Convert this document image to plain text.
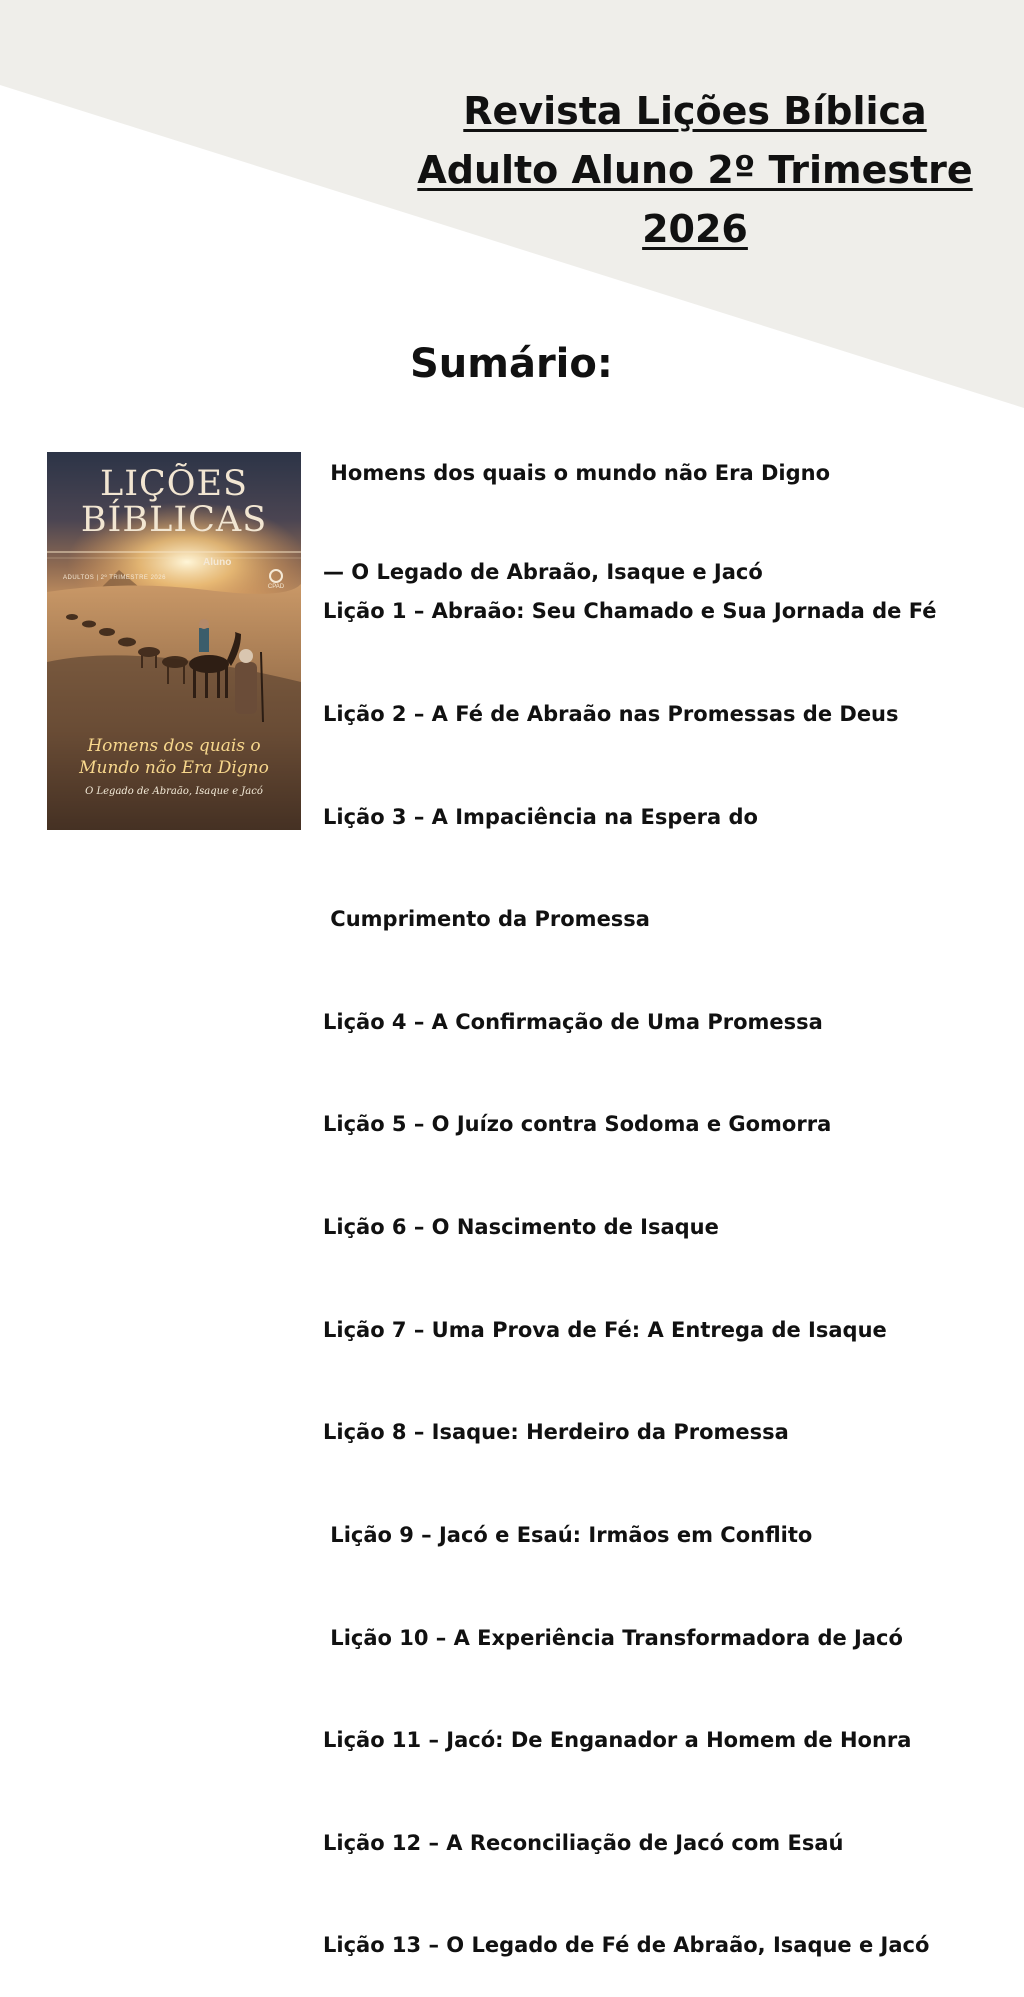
Revista Lições Bíblica
Adulto Aluno 2º Trimestre
2026
Sumário:

Homens dos quais o mundo não Era Digno

— O Legado de Abraão, Isaque e Jacó

Lição 1 – Abraão: Seu Chamado e Sua Jornada de Fé

Lição 2 – A Fé de Abraão nas Promessas de Deus

Lição 3 – A Impaciência na Espera do

Cumprimento da Promessa

Lição 4 – A Confirmação de Uma Promessa

Lição 5 – O Juízo contra Sodoma e Gomorra

Lição 6 – O Nascimento de Isaque

Lição 7 – Uma Prova de Fé: A Entrega de Isaque

Lição 8 – Isaque: Herdeiro da Promessa

Lição 9 – Jacó e Esaú: Irmãos em Conflito

Lição 10 – A Experiência Transformadora de Jacó

Lição 11 – Jacó: De Enganador a Homem de Honra

Lição 12 – A Reconciliação de Jacó com Esaú

Lição 13 – O Legado de Fé de Abraão, Isaque e Jacó

LIÇÕES
BÍBLICAS
Aluno
ADULTOS | 2º TRIMESTRE 2026
CPAD
Homens dos quais o
Mundo não Era Digno
O Legado de Abraão, Isaque e Jacó
